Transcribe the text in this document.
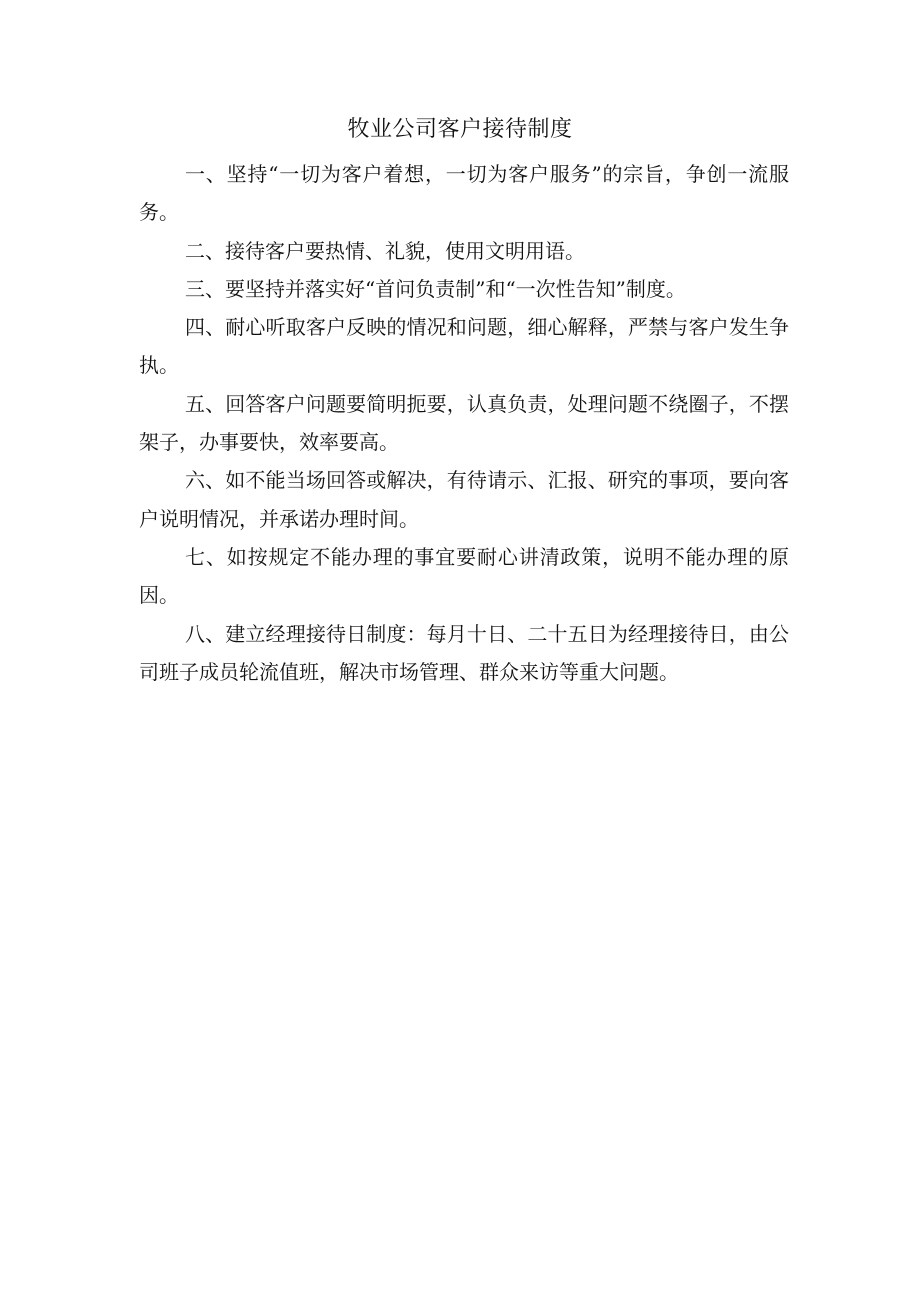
牧业公司客户接待制度

一、坚持“一切为客户着想，一切为客户服务”的宗旨，争创一流服务。

二、接待客户要热情、礼貌，使用文明用语。

三、要坚持并落实好“首问负责制”和“一次性告知”制度。

四、耐心听取客户反映的情况和问题，细心解释，严禁与客户发生争执。

五、回答客户问题要简明扼要，认真负责，处理问题不绕圈子，不摆架子，办事要快，效率要高。

六、如不能当场回答或解决，有待请示、汇报、研究的事项，要向客户说明情况，并承诺办理时间。

七、如按规定不能办理的事宜要耐心讲清政策，说明不能办理的原因。

八、建立经理接待日制度：每月十日、二十五日为经理接待日，由公司班子成员轮流值班，解决市场管理、群众来访等重大问题。
